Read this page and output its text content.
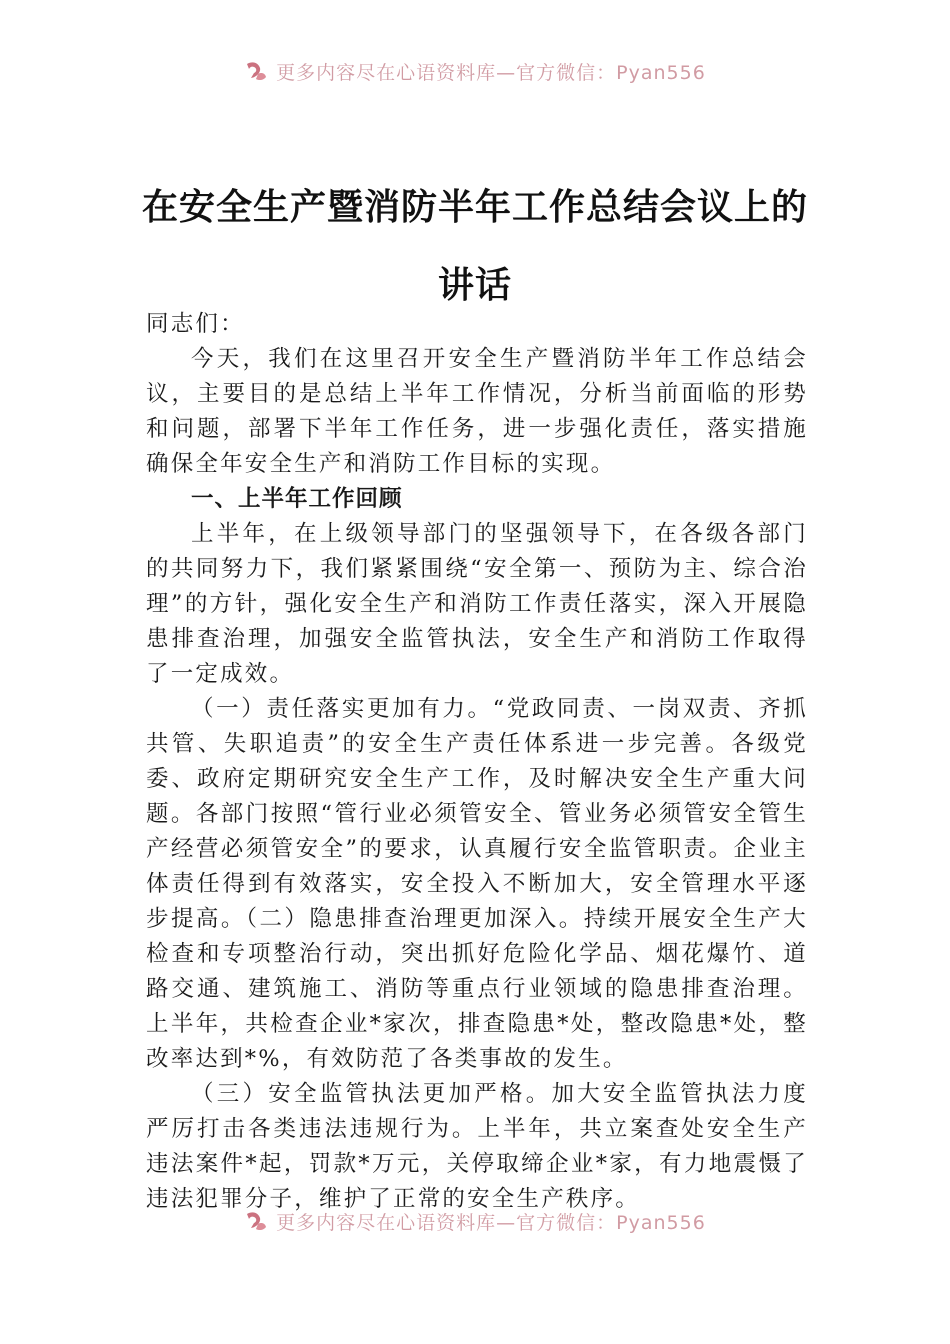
更多内容尽在心语资料库—官方微信：Pyan556
在安全生产暨消防半年工作总结会议上的
讲话

同志们：

今天，我们在这里召开安全生产暨消防半年工作总结会议，主要目的是总结上半年工作情况，分析当前面临的形势和问题，部署下半年工作任务，进一步强化责任，落实措施确保全年安全生产和消防工作目标的实现。

一、上半年工作回顾

上半年，在上级领导部门的坚强领导下，在各级各部门的共同努力下，我们紧紧围绕“安全第一、预防为主、综合治理”的方针，强化安全生产和消防工作责任落实，深入开展隐患排查治理，加强安全监管执法，安全生产和消防工作取得了一定成效。

（一）责任落实更加有力。“党政同责、一岗双责、齐抓共管、失职追责”的安全生产责任体系进一步完善。各级党委、政府定期研究安全生产工作，及时解决安全生产重大问题。各部门按照“管行业必须管安全、管业务必须管安全管生产经营必须管安全”的要求，认真履行安全监管职责。企业主体责任得到有效落实，安全投入不断加大，安全管理水平逐步提高。（二）隐患排查治理更加深入。持续开展安全生产大检查和专项整治行动，突出抓好危险化学品、烟花爆竹、道路交通、建筑施工、消防等重点行业领域的隐患排查治理。上半年，共检查企业*家次，排查隐患*处，整改隐患*处，整改率达到*%，有效防范了各类事故的发生。

（三）安全监管执法更加严格。加大安全监管执法力度严厉打击各类违法违规行为。上半年，共立案查处安全生产违法案件*起，罚款*万元，关停取缔企业*家，有力地震慑了违法犯罪分子，维护了正常的安全生产秩序。

更多内容尽在心语资料库—官方微信：Pyan556
